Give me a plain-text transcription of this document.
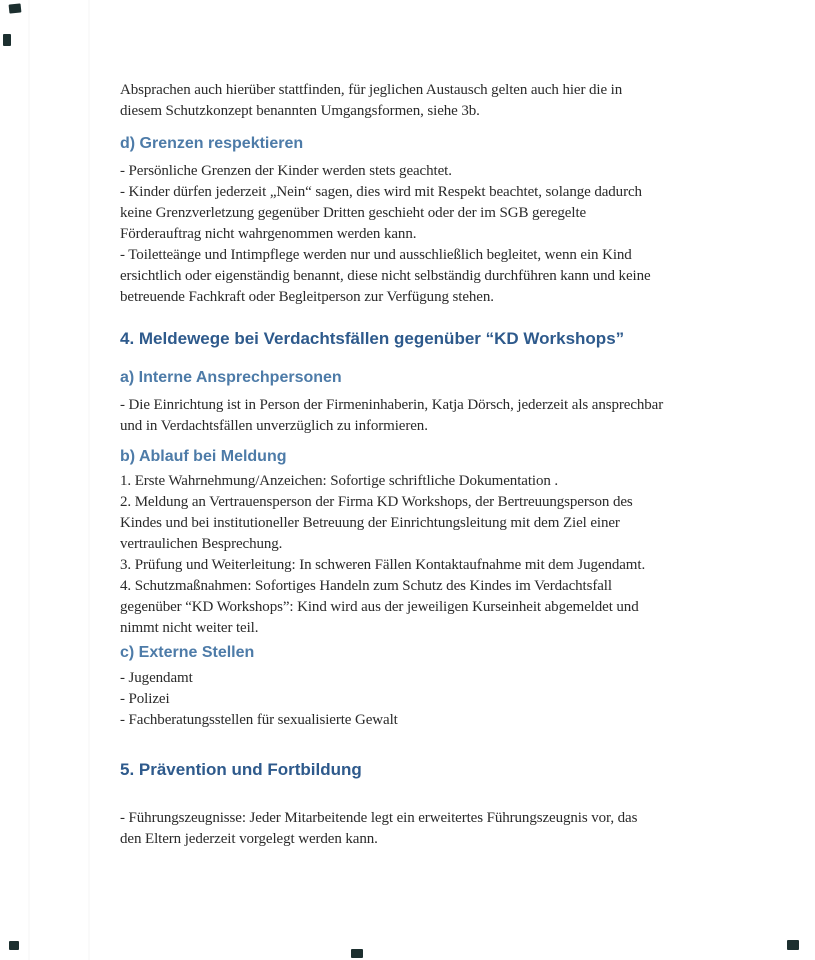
Absprachen auch hierüber stattfinden, für jeglichen Austausch gelten auch hier die in
diesem Schutzkonzept benannten Umgangsformen, siehe 3b.
d) Grenzen respektieren
- Persönliche Grenzen der Kinder werden stets geachtet.
- Kinder dürfen jederzeit „Nein“ sagen, dies wird mit Respekt beachtet, solange dadurch
keine Grenzverletzung gegenüber Dritten geschieht oder der im SGB geregelte
Förderauftrag nicht wahrgenommen werden kann.
- Toiletteänge und Intimpflege werden nur und ausschließlich begleitet, wenn ein Kind
ersichtlich oder eigenständig benannt, diese nicht selbständig durchführen kann und keine
betreuende Fachkraft oder Begleitperson zur Verfügung stehen.
4. Meldewege bei Verdachtsfällen gegenüber “KD Workshops”
a) Interne Ansprechpersonen
- Die Einrichtung ist in Person der Firmeninhaberin, Katja Dörsch, jederzeit als ansprechbar
und in Verdachtsfällen unverzüglich zu informieren.
b) Ablauf bei Meldung
1. Erste Wahrnehmung/Anzeichen: Sofortige schriftliche Dokumentation .
2. Meldung an Vertrauensperson der Firma KD Workshops, der Bertreuungsperson des
Kindes und bei institutioneller Betreuung der Einrichtungsleitung mit dem Ziel einer
vertraulichen Besprechung.
3. Prüfung und Weiterleitung: In schweren Fällen Kontaktaufnahme mit dem Jugendamt.
4. Schutzmaßnahmen: Sofortiges Handeln zum Schutz des Kindes im Verdachtsfall
gegenüber “KD Workshops”: Kind wird aus der jeweiligen Kurseinheit abgemeldet und
nimmt nicht weiter teil.
c) Externe Stellen
- Jugendamt
- Polizei
- Fachberatungsstellen für sexualisierte Gewalt
5. Prävention und Fortbildung
- Führungszeugnisse: Jeder Mitarbeitende legt ein erweitertes Führungszeugnis vor, das
den Eltern jederzeit vorgelegt werden kann.
